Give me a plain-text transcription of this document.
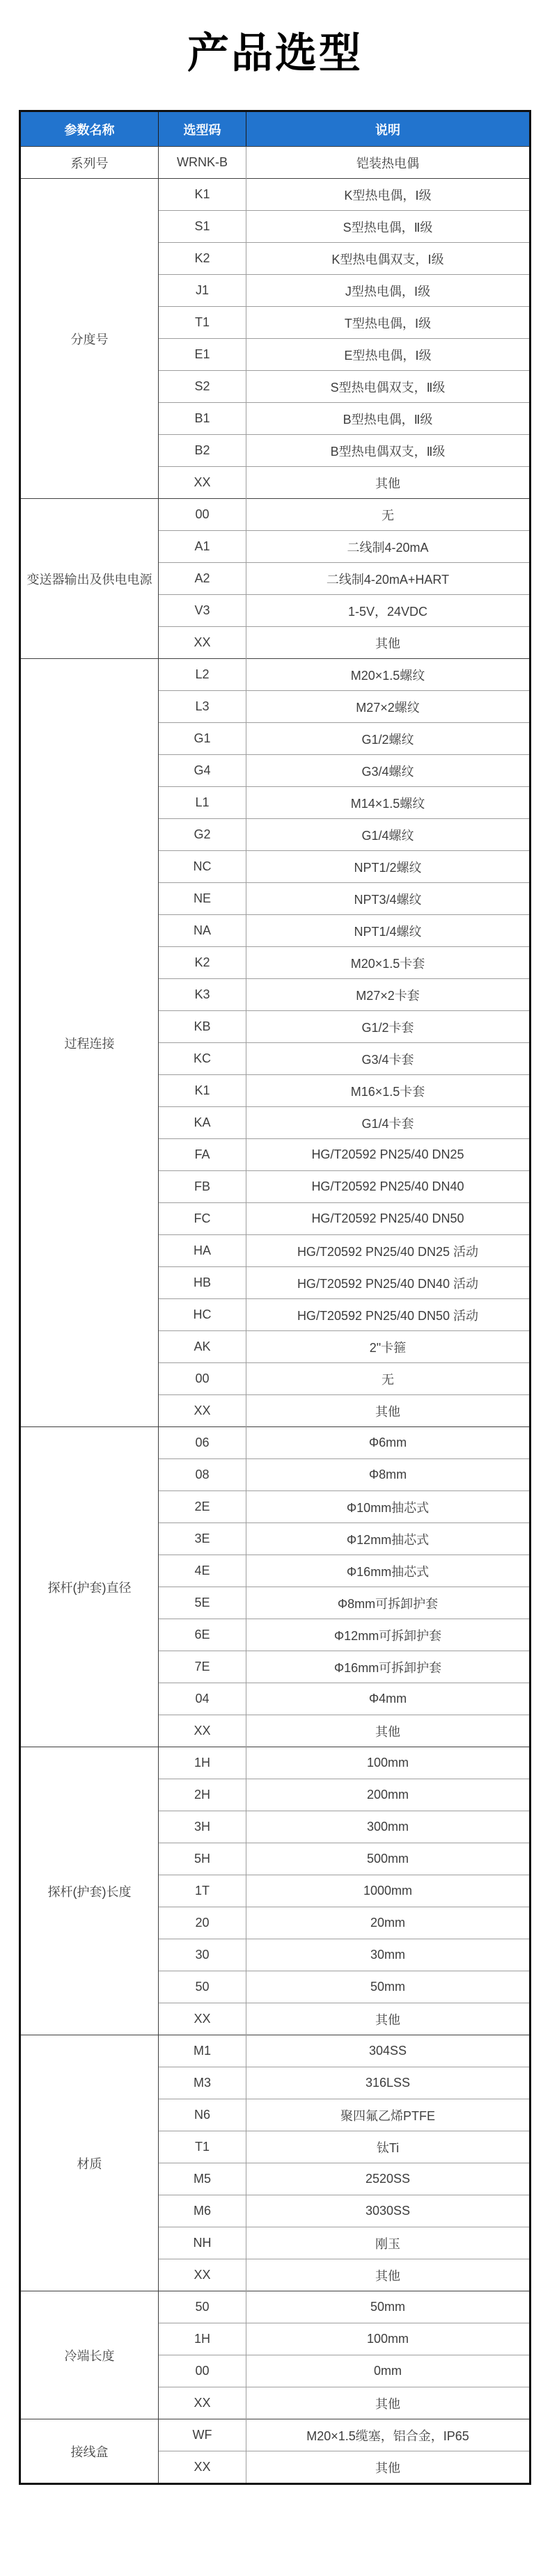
产品选型
参数名称	选型码	说明
系列号	WRNK-B	铠装热电偶
分度号	K1	K型热电偶，Ⅰ级
	S1	S型热电偶，Ⅱ级
	K2	K型热电偶双支，Ⅰ级
	J1	J型热电偶，Ⅰ级
	T1	T型热电偶，Ⅰ级
	E1	E型热电偶，Ⅰ级
	S2	S型热电偶双支，Ⅱ级
	B1	B型热电偶，Ⅱ级
	B2	B型热电偶双支，Ⅱ级
	XX	其他
变送器输出及供电电源	00	无
	A1	二线制4-20mA
	A2	二线制4-20mA+HART
	V3	1-5V，24VDC
	XX	其他
过程连接	L2	M20×1.5螺纹
	L3	M27×2螺纹
	G1	G1/2螺纹
	G4	G3/4螺纹
	L1	M14×1.5螺纹
	G2	G1/4螺纹
	NC	NPT1/2螺纹
	NE	NPT3/4螺纹
	NA	NPT1/4螺纹
	K2	M20×1.5卡套
	K3	M27×2卡套
	KB	G1/2卡套
	KC	G3/4卡套
	K1	M16×1.5卡套
	KA	G1/4卡套
	FA	HG/T20592 PN25/40 DN25
	FB	HG/T20592 PN25/40 DN40
	FC	HG/T20592 PN25/40 DN50
	HA	HG/T20592 PN25/40 DN25 活动
	HB	HG/T20592 PN25/40 DN40 活动
	HC	HG/T20592 PN25/40 DN50 活动
	AK	2"卡箍
	00	无
	XX	其他
探杆(护套)直径	06	Φ6mm
	08	Φ8mm
	2E	Φ10mm抽芯式
	3E	Φ12mm抽芯式
	4E	Φ16mm抽芯式
	5E	Φ8mm可拆卸护套
	6E	Φ12mm可拆卸护套
	7E	Φ16mm可拆卸护套
	04	Φ4mm
	XX	其他
探杆(护套)长度	1H	100mm
	2H	200mm
	3H	300mm
	5H	500mm
	1T	1000mm
	20	20mm
	30	30mm
	50	50mm
	XX	其他
材质	M1	304SS
	M3	316LSS
	N6	聚四氟乙烯PTFE
	T1	钛Ti
	M5	2520SS
	M6	3030SS
	NH	刚玉
	XX	其他
冷端长度	50	50mm
	1H	100mm
	00	0mm
	XX	其他
接线盒	WF	M20×1.5缆塞，铝合金，IP65
	XX	其他
